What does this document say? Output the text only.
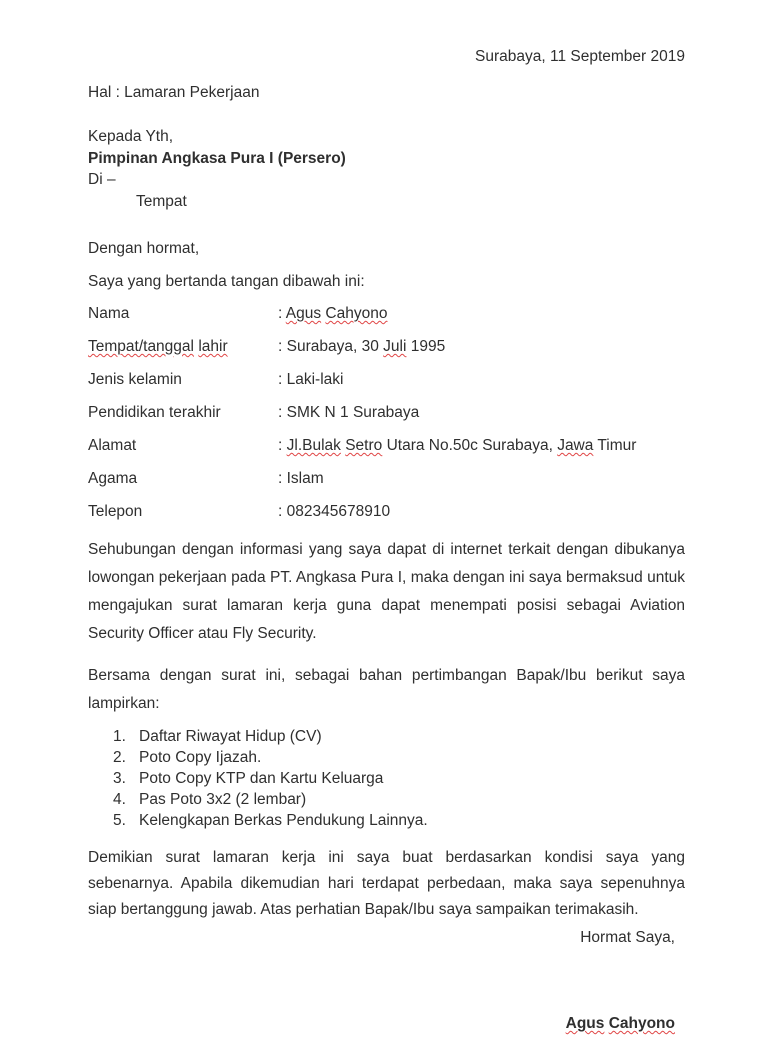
Surabaya, 11 September 2019
Hal : Lamaran Pekerjaan
Kepada Yth,
Pimpinan Angkasa Pura I (Persero)
Di –
Tempat
Dengan hormat,
Saya yang bertanda tangan dibawah ini:
Nama	: Agus Cahyono
Tempat/tanggal lahir	: Surabaya, 30 Juli 1995
Jenis kelamin	: Laki-laki
Pendidikan terakhir	: SMK N 1 Surabaya
Alamat	: Jl.Bulak Setro Utara No.50c Surabaya, Jawa Timur
Agama	: Islam
Telepon	: 082345678910
Sehubungan dengan informasi yang saya dapat di internet terkait dengan dibukanya lowongan pekerjaan pada PT. Angkasa Pura I, maka dengan ini saya bermaksud untuk mengajukan surat lamaran kerja guna dapat menempati posisi sebagai Aviation Security Officer atau Fly Security.
Bersama dengan surat ini, sebagai bahan pertimbangan Bapak/Ibu berikut saya lampirkan:
1. Daftar Riwayat Hidup (CV)
2. Poto Copy Ijazah.
3. Poto Copy KTP dan Kartu Keluarga
4. Pas Poto 3x2 (2 lembar)
5. Kelengkapan Berkas Pendukung Lainnya.
Demikian surat lamaran kerja ini saya buat berdasarkan kondisi saya yang sebenarnya. Apabila dikemudian hari terdapat perbedaan, maka saya sepenuhnya siap bertanggung jawab. Atas perhatian Bapak/Ibu saya sampaikan terimakasih.
Hormat Saya,
Agus Cahyono
